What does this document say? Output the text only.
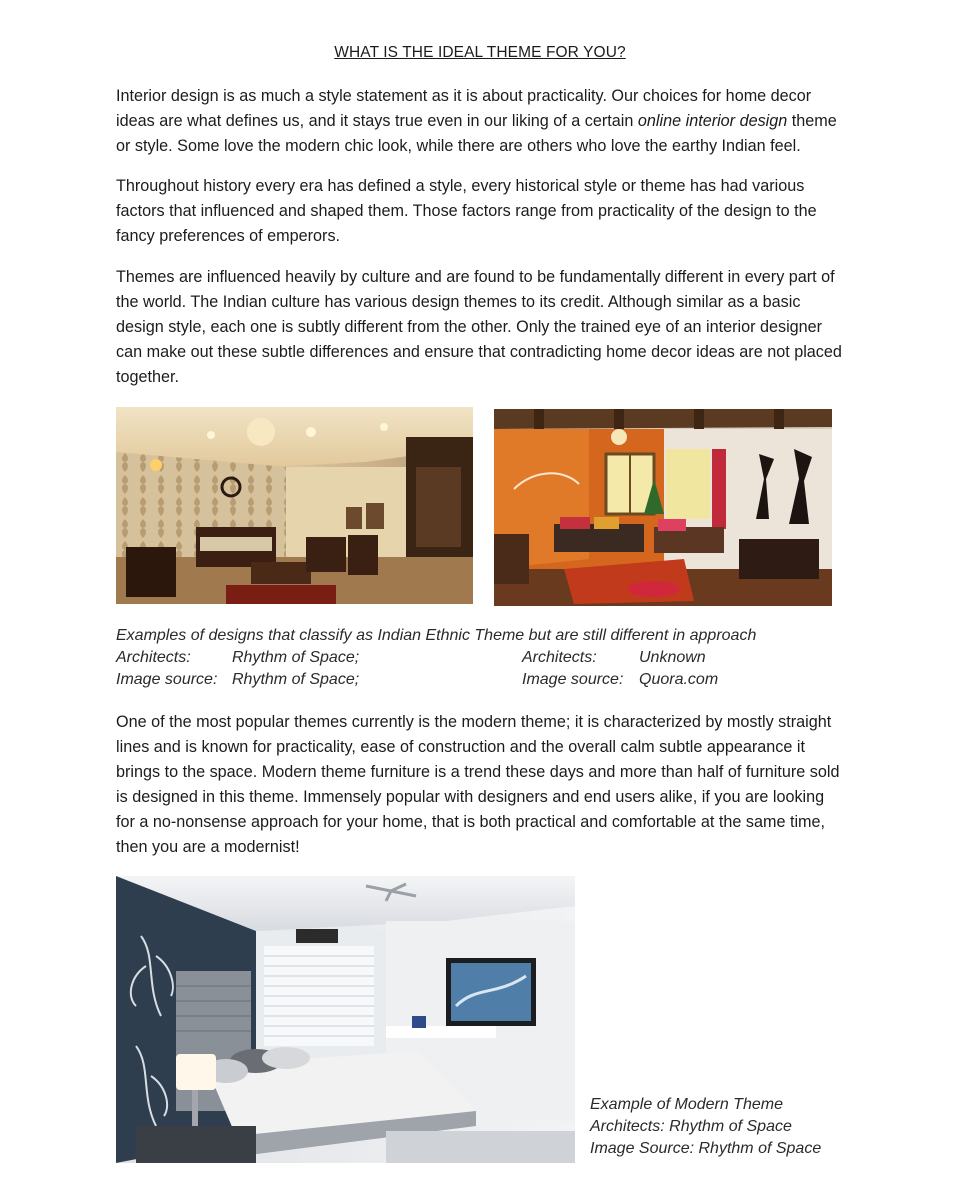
WHAT IS THE IDEAL THEME FOR YOU?

Interior design is as much a style statement as it is about practicality. Our choices for home decor ideas are what defines us, and it stays true even in our liking of a certain online interior design theme or style. Some love the modern chic look, while there are others who love the earthy Indian feel.

Throughout history every era has defined a style, every historical style or theme has had various factors that influenced and shaped them. Those factors range from practicality of the design to the fancy preferences of emperors.

Themes are influenced heavily by culture and are found to be fundamentally different in every part of the world. The Indian culture has various design themes to its credit. Although similar as a basic design style, each one is subtly different from the other. Only the trained eye of an interior designer can make out these subtle differences and ensure that contradicting home decor ideas are not placed together.

Examples of designs that classify as Indian Ethnic Theme but are still different in approach

Architects:	Rhythm of Space;
Image source: Rhythm of Space;
Architects:	Unknown
Image source: Quora.com

One of the most popular themes currently is the modern theme; it is characterized by mostly straight lines and is known for practicality, ease of construction and the overall calm subtle appearance it brings to the space. Modern theme furniture is a trend these days and more than half of furniture sold is designed in this theme. Immensely popular with designers and end users alike, if you are looking for a no-nonsense approach for your home, that is both practical and comfortable at the same time, then you are a modernist!

Example of Modern Theme

Architects: Rhythm of Space

Image Source: Rhythm of Space
